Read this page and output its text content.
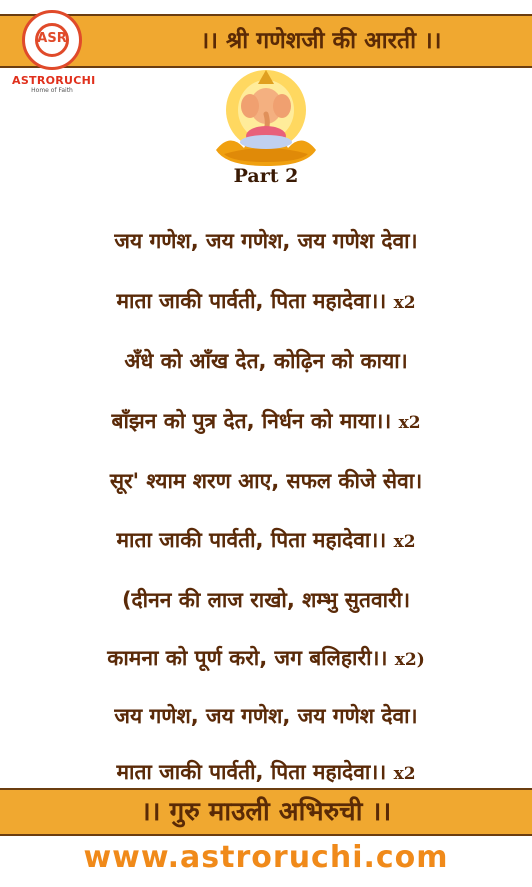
।। श्री गणेशजी की आरती ।।
ASR
ASTRORUCHI
Home of Faith
Part 2
जय गणेश, जय गणेश, जय गणेश देवा।
माता जाकी पार्वती, पिता महादेवा।। x2
अँधे को आँख देत, कोढ़िन को काया।
बाँझन को पुत्र देत, निर्धन को माया।। x2
सूर' श्याम शरण आए, सफल कीजे सेवा।
माता जाकी पार्वती, पिता महादेवा।। x2
(दीनन की लाज राखो, शम्भु सुतवारी।
कामना को पूर्ण करो, जग बलिहारी।। x2)
जय गणेश, जय गणेश, जय गणेश देवा।
माता जाकी पार्वती, पिता महादेवा।। x2
।। गुरु माउली अभिरुची ।।
www.astroruchi.com
